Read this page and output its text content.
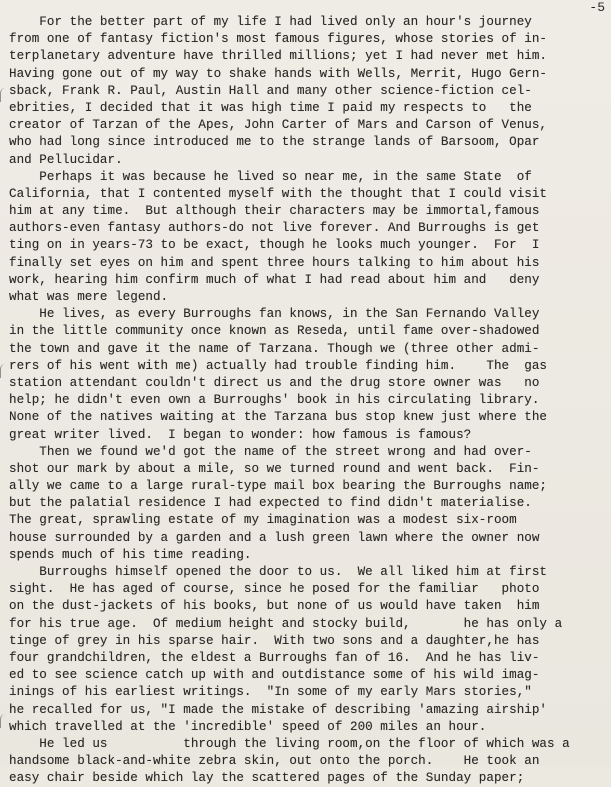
-5
For the better part of my life I had lived only an hour's journey
from one of fantasy fiction's most famous figures, whose stories of in-
terplanetary adventure have thrilled millions; yet I had never met him.
Having gone out of my way to shake hands with Wells, Merrit, Hugo Gern-
sback, Frank R. Paul, Austin Hall and many other science-fiction cel-
ebrities, I decided that it was high time I paid my respects to   the
creator of Tarzan of the Apes, John Carter of Mars and Carson of Venus,
who had long since introduced me to the strange lands of Barsoom, Opar
and Pellucidar.
Perhaps it was because he lived so near me, in the same State  of
California, that I contented myself with the thought that I could visit
him at any time.  But although their characters may be immortal,famous
authors-even fantasy authors-do not live forever. And Burroughs is get
ting on in years-73 to be exact, though he looks much younger.  For  I
finally set eyes on him and spent three hours talking to him about his
work, hearing him confirm much of what I had read about him and   deny
what was mere legend.
He lives, as every Burroughs fan knows, in the San Fernando Valley
in the little community once known as Reseda, until fame over-shadowed
the town and gave it the name of Tarzana. Though we (three other admi-
rers of his went with me) actually had trouble finding him.    The  gas
station attendant couldn't direct us and the drug store owner was   no
help; he didn't even own a Burroughs' book in his circulating library.
None of the natives waiting at the Tarzana bus stop knew just where the
great writer lived.  I began to wonder: how famous is famous?
Then we found we'd got the name of the street wrong and had over-
shot our mark by about a mile, so we turned round and went back.  Fin-
ally we came to a large rural-type mail box bearing the Burroughs name;
but the palatial residence I had expected to find didn't materialise.
The great, sprawling estate of my imagination was a modest six-room
house surrounded by a garden and a lush green lawn where the owner now
spends much of his time reading.
Burroughs himself opened the door to us.  We all liked him at first
sight.  He has aged of course, since he posed for the familiar   photo
on the dust-jackets of his books, but none of us would have taken  him
for his true age.  Of medium height and stocky build,       he has only a
tinge of grey in his sparse hair.  With two sons and a daughter,he has
four grandchildren, the eldest a Burroughs fan of 16.  And he has liv-
ed to see science catch up with and outdistance some of his wild imag-
inings of his earliest writings.  "In some of my early Mars stories,"
he recalled for us, "I made the mistake of describing 'amazing airship'
which travelled at the 'incredible' speed of 200 miles an hour.
He led us          through the living room,on the floor of which was a
handsome black-and-white zebra skin, out onto the porch.    He took an
easy chair beside which lay the scattered pages of the Sunday paper;
